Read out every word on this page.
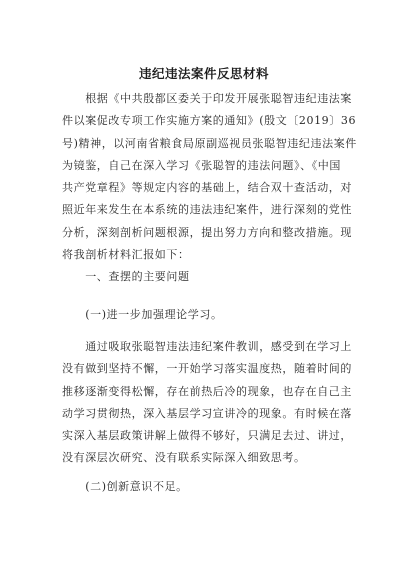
违纪违法案件反思材料

　　根据《中共殷都区委关于印发开展张聪智违纪违法案
件以案促改专项工作实施方案的通知》(殷文〔2019〕36
号)精神，以河南省粮食局原副巡视员张聪智违纪违法案件
为镜鉴，自己在深入学习《张聪智的违法问题》、《中国
共产党章程》等规定内容的基础上，结合双十查活动，对
照近年来发生在本系统的违法违纪案件，进行深刻的党性
分析，深刻剖析问题根源，提出努力方向和整改措施。现
将我剖析材料汇报如下：

　　一、查摆的主要问题

　　(一)进一步加强理论学习。

　　通过吸取张聪智违法违纪案件教训，感受到在学习上
没有做到坚持不懈，一开始学习落实温度热，随着时间的
推移逐渐变得松懈，存在前热后冷的现象，也存在自己主
动学习贯彻热，深入基层学习宣讲冷的现象。有时候在落
实深入基层政策讲解上做得不够好，只满足去过、讲过，
没有深层次研究、没有联系实际深入细致思考。

　　(二)创新意识不足。
